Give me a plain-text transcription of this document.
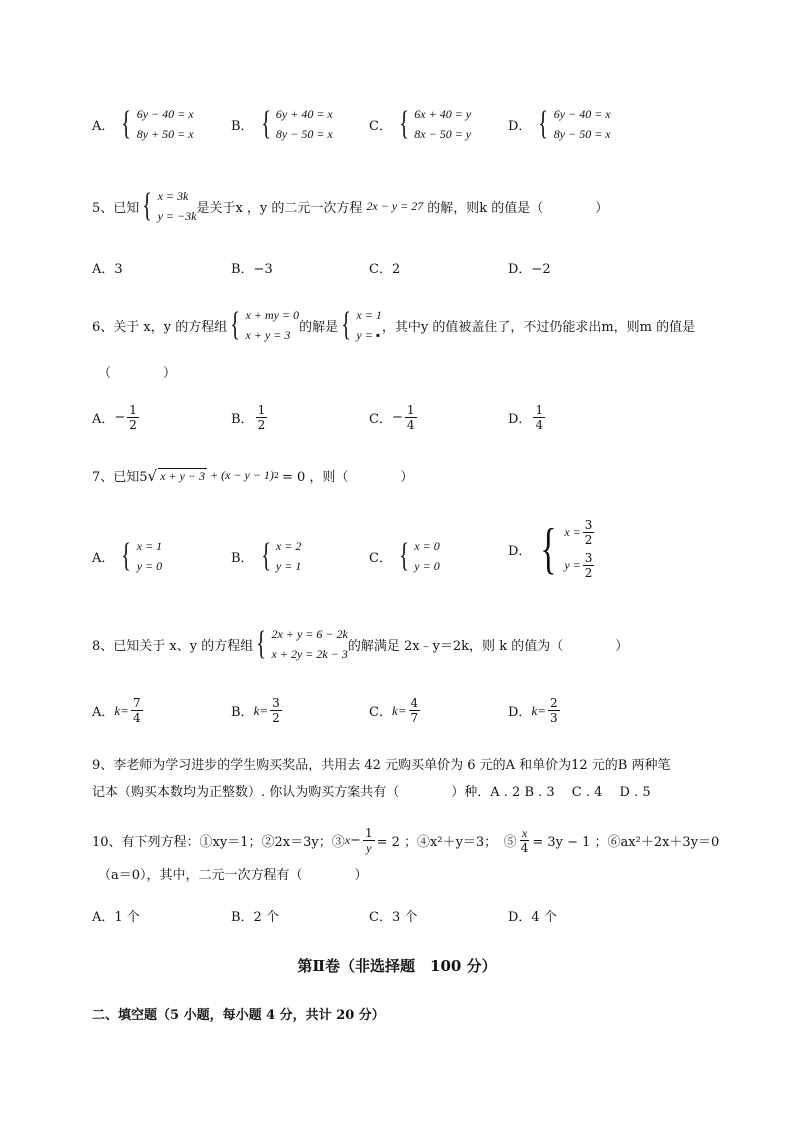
A． { 6y − 40 = x
8y + 50 = x
B． { 6y + 40 = x
8y − 50 = x
C． { 6x + 40 = y
8x − 50 = y
D． { 6y − 40 = x
8y − 50 = x
5、已知 { x = 3k
y = −3k
是关于x ，y 的二元一次方程 2x − y = 27 的解，则k 的值是（　　　　）
A．3	B．−3	C．2	D．−2
6、关于 x，y 的方程组 { x + my = 0
x + y = 3
的解是 { x = 1
y = ▪
，其中y 的值被盖住了，不过仍能求出m，则m 的值是
（　　　　）
A． − $\frac{1}{2}$	B． $\frac{1}{2}$	C． − $\frac{1}{4}$	D． $\frac{1}{4}$
7、已知5 √ x + y − 3 + (x − y − 1) 2 = 0 ，则（　　　　）
A． { x = 1
y = 0
B． { x = 2
y = 1
C． { x = 0
y = 0
D． { $x = \frac{3}{2}$
$y = \frac{3}{2}$
8、已知关于 x、y 的方程组 { 2x + y = 6 − 2k
x + 2y = 2k − 3
的解满足 2x﹣y＝2k，则 k 的值为（　　　　）
A． $k= \frac{7}{4}$	B． $k= \frac{3}{2}$	C． $k= \frac{4}{7}$	D． $k= \frac{2}{3}$
9、李老师为学习进步的学生购买奖品，共用去 42 元购买单价为 6 元的A 和单价为12 元的B 两种笔
记本（购买本数均为正整数）. 你认为购买方案共有（　　　　）种．A . 2 B . 3　 C . 4　 D . 5
10、有下列方程：①xy＝1；②2x＝3y；③ $x - \frac{1}{y} = 2$ ；④x²＋y＝3；　⑤ $\frac{x}{4} = 3y - 1$ ；⑥ax²＋2x＋3y＝0
（a＝0），其中，二元一次方程有（　　　　）
A．1 个	B．2 个	C．3 个	D．4 个
第Ⅱ卷（非选择题　100 分）
二、填空题（5 小题，每小题 4 分，共计 20 分）
